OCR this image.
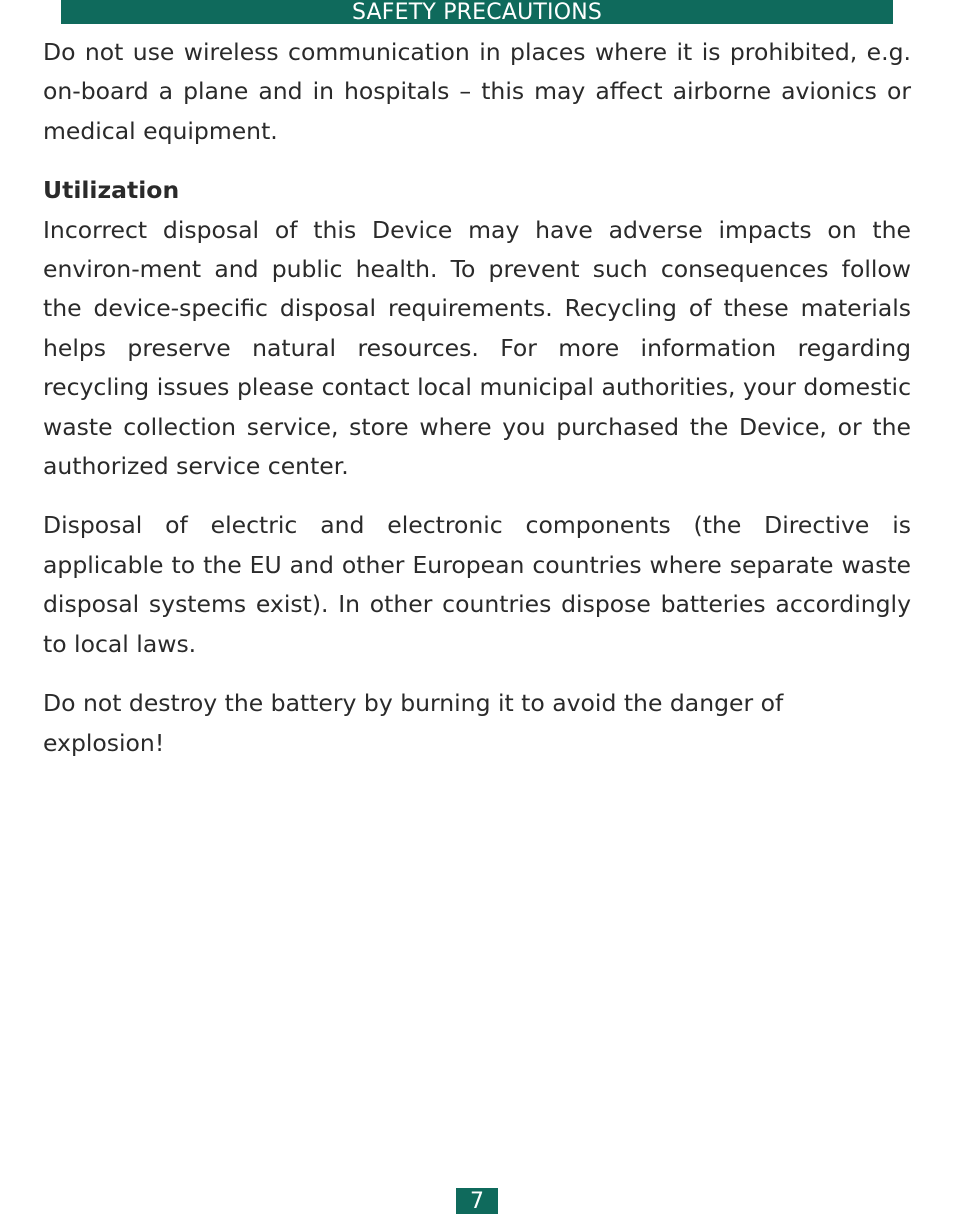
SAFETY PRECAUTIONS

Do not use wireless communication in places where it is prohibited, e.g. on-board a plane and in hospitals – this may affect airborne avionics or medical equipment.

Utilization

Incorrect disposal of this Device may have adverse impacts on the environ-ment and public health. To prevent such consequences follow the device-specific disposal requirements. Recycling of these materials helps preserve natural resources. For more information regarding recycling issues please contact local municipal authorities, your domestic waste collection service, store where you purchased the Device, or the authorized service center.

Disposal of electric and electronic components (the Directive is applicable to the EU and other European countries where separate waste disposal systems exist). In other countries dispose batteries accordingly to local laws.

Do not destroy the battery by burning it to avoid the danger of explosion!

7
